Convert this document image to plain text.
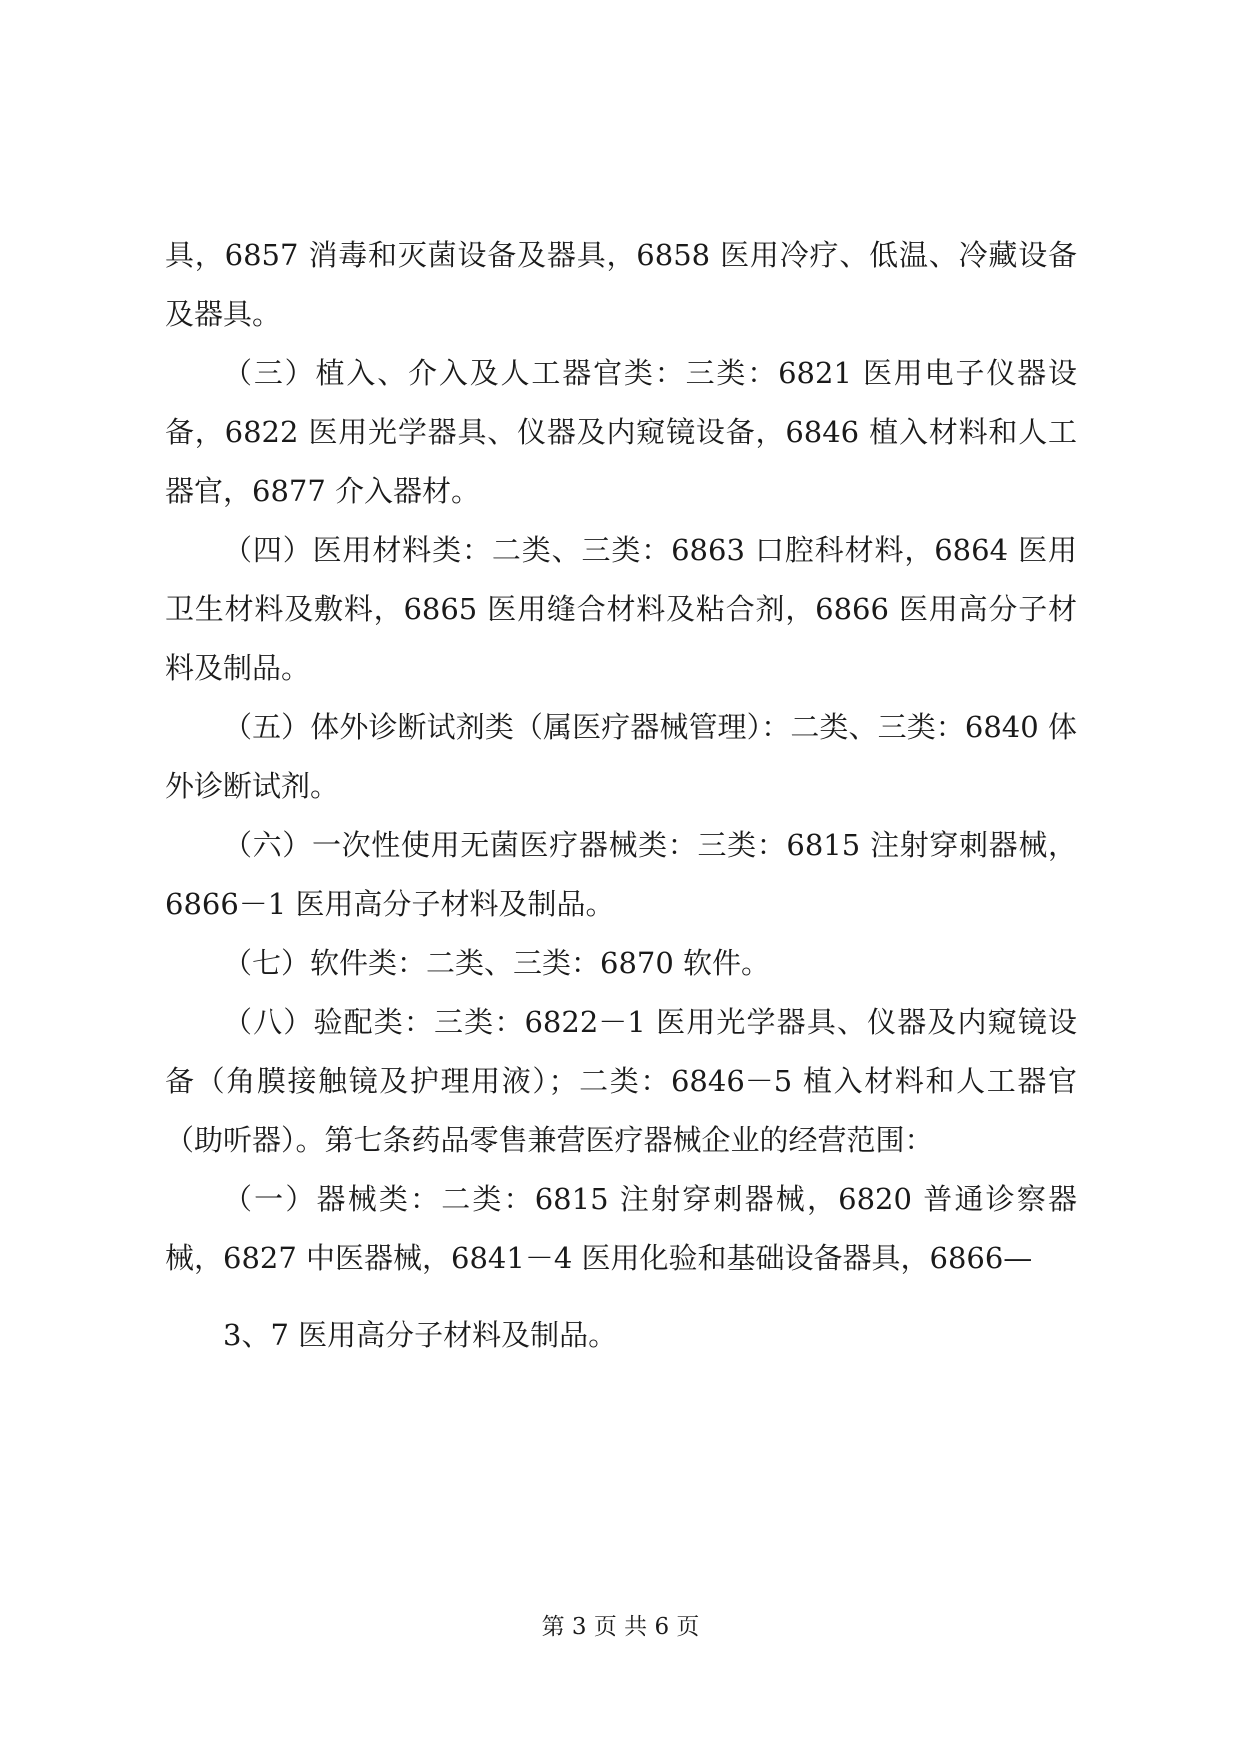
具，6857 消毒和灭菌设备及器具，6858 医用冷疗、低温、冷藏设备及器具。

（三）植入、介入及人工器官类：三类：6821 医用电子仪器设备，6822 医用光学器具、仪器及内窥镜设备，6846 植入材料和人工器官，6877 介入器材。

（四）医用材料类：二类、三类：6863 口腔科材料，6864 医用卫生材料及敷料，6865 医用缝合材料及粘合剂，6866 医用高分子材料及制品。

（五）体外诊断试剂类（属医疗器械管理）：二类、三类：6840 体外诊断试剂。

（六）一次性使用无菌医疗器械类：三类：6815 注射穿刺器械，6866－1 医用高分子材料及制品。

（七）软件类：二类、三类：6870 软件。

（八）验配类：三类：6822－1 医用光学器具、仪器及内窥镜设备（角膜接触镜及护理用液）；二类：6846－5 植入材料和人工器官（助听器）。第七条药品零售兼营医疗器械企业的经营范围：

（一）器械类：二类：6815 注射穿刺器械，6820 普通诊察器械，6827 中医器械，6841－4 医用化验和基础设备器具，6866—

3、7 医用高分子材料及制品。

第 3 页 共 6 页
